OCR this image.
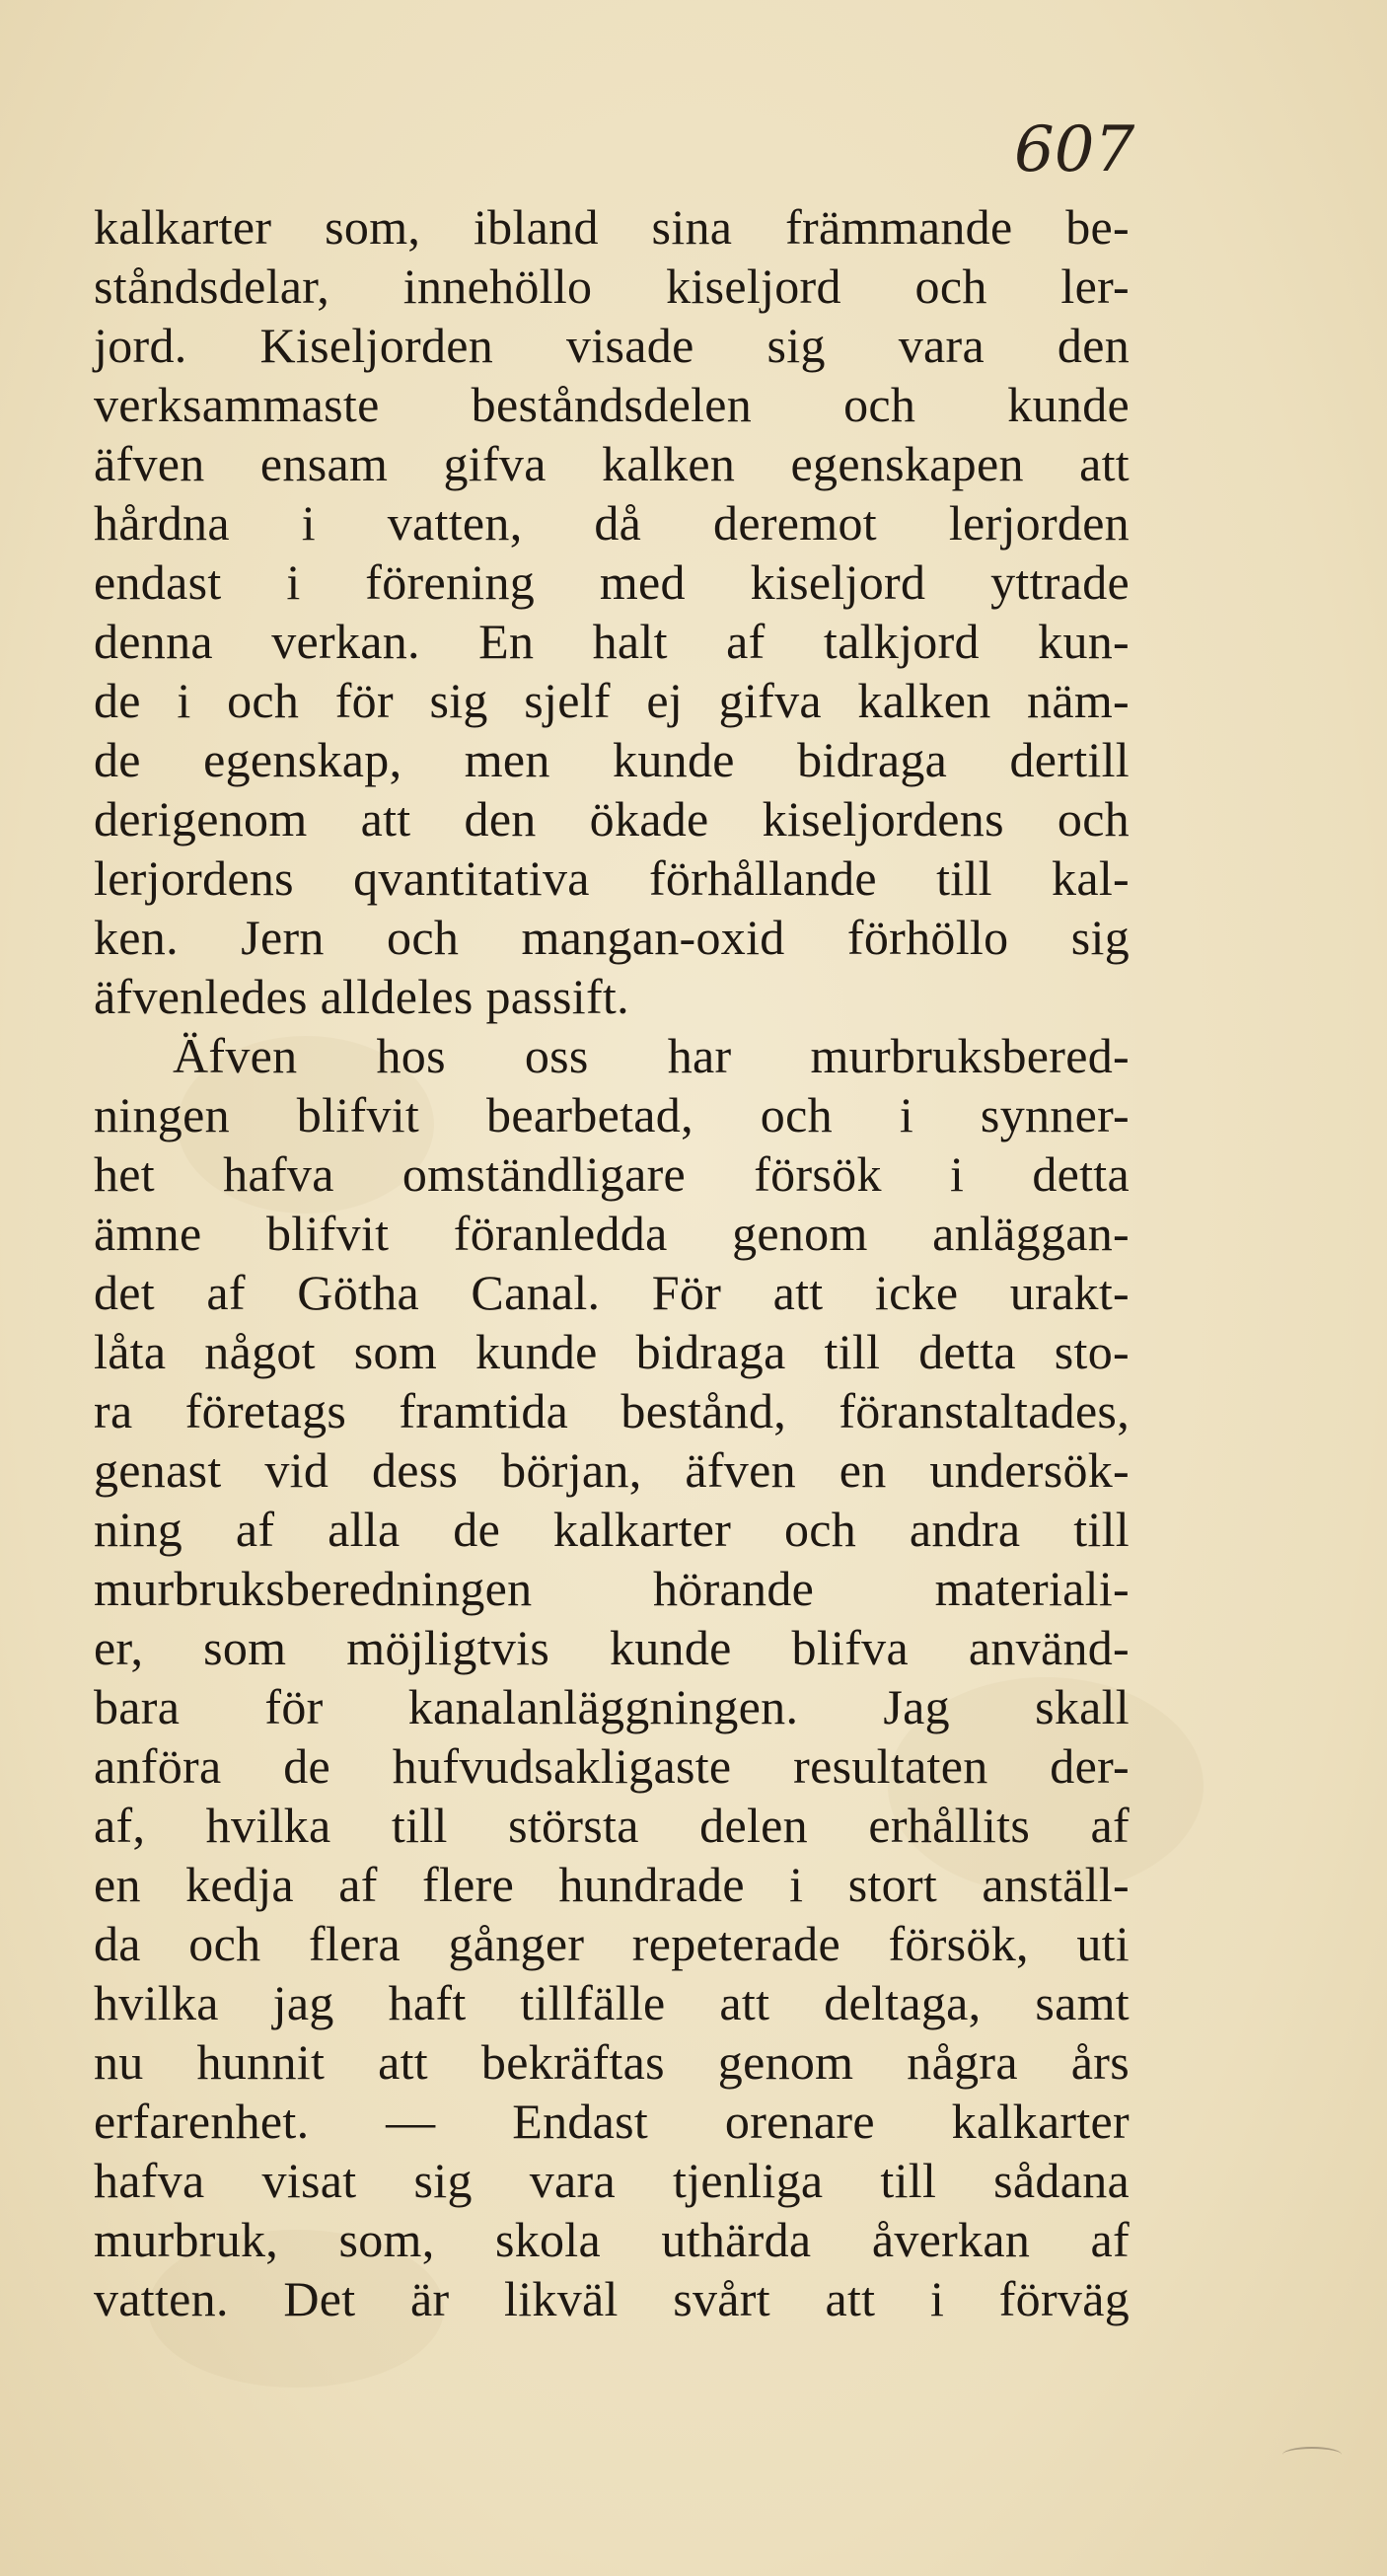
607
kalkarter som, ibland sina främmande be-
ståndsdelar, innehöllo kiseljord och ler-
jord. Kiseljorden visade sig vara den
verksammaste beståndsdelen och kunde
äfven ensam gifva kalken egenskapen att
hårdna i vatten, då deremot lerjorden
endast i förening med kiseljord yttrade
denna verkan. En halt af talkjord kun-
de i och för sig sjelf ej gifva kalken näm-
de egenskap, men kunde bidraga dertill
derigenom att den ökade kiseljordens och
lerjordens qvantitativa förhållande till kal-
ken. Jern och mangan-oxid förhöllo sig
äfvenledes alldeles passift.
Äfven hos oss har murbruksbered-
ningen blifvit bearbetad, och i synner-
het hafva omständligare försök i detta
ämne blifvit föranledda genom anläggan-
det af Götha Canal. För att icke urakt-
låta något som kunde bidraga till detta sto-
ra företags framtida bestånd, föranstaltades,
genast vid dess början, äfven en undersök-
ning af alla de kalkarter och andra till
murbruksberedningen hörande materiali-
er, som möjligtvis kunde blifva använd-
bara för kanalanläggningen. Jag skall
anföra de hufvudsakligaste resultaten der-
af, hvilka till största delen erhållits af
en kedja af flere hundrade i stort anställ-
da och flera gånger repeterade försök, uti
hvilka jag haft tillfälle att deltaga, samt
nu hunnit att bekräftas genom några års
erfarenhet. — Endast orenare kalkarter
hafva visat sig vara tjenliga till sådana
murbruk, som, skola uthärda åverkan af
vatten. Det är likväl svårt att i förväg
